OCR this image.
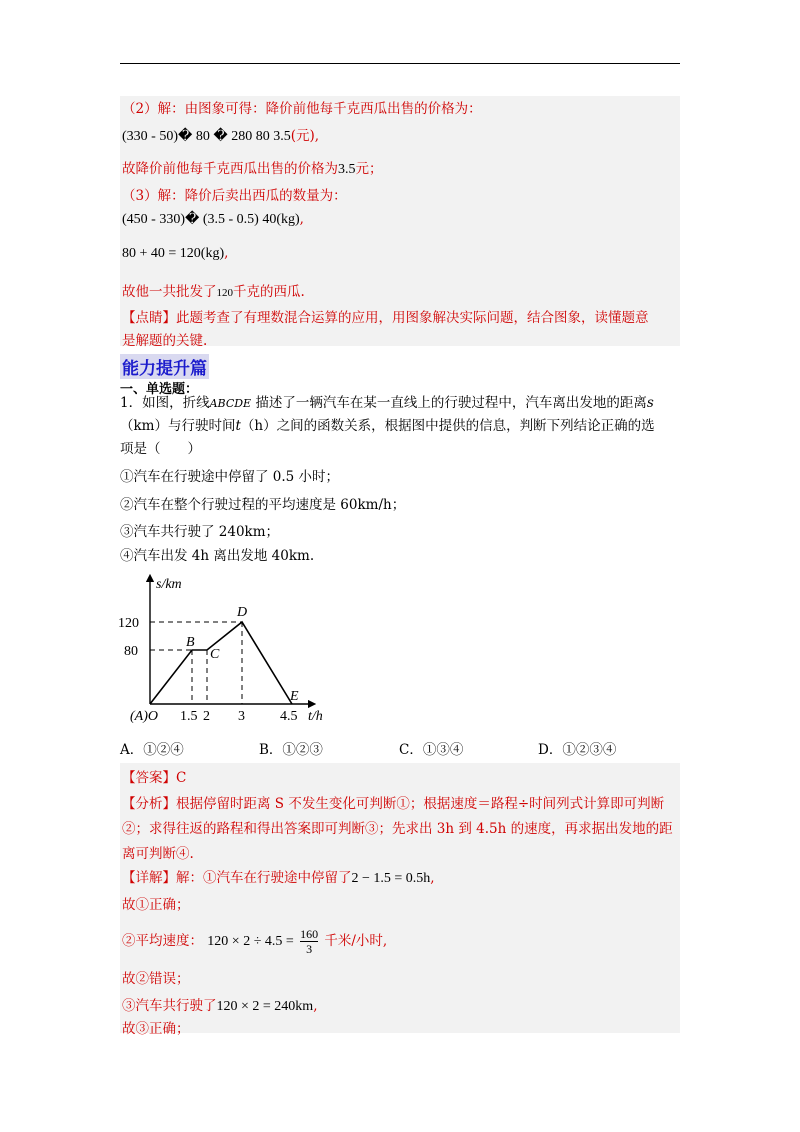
（2）解：由图象可得：降价前他每千克西瓜出售的价格为：
(330 - 50)� 80 � 280 80 3.5(元),
故降价前他每千克西瓜出售的价格为3.5元；
（3）解：降价后卖出西瓜的数量为：
(450 - 330)� (3.5 - 0.5) 40(kg),
80 + 40 = 120(kg),
故他一共批发了120千克的西瓜.
【点睛】此题考查了有理数混合运算的应用，用图象解决实际问题，结合图象，读懂题意
是解题的关键.
能力提升篇
一、单选题：
1．如图，折线ABCDE 描述了一辆汽车在某一直线上的行驶过程中，汽车离出发地的距离s
（km）与行驶时间t（h）之间的函数关系，根据图中提供的信息，判断下列结论正确的选
项是（　　）
①汽车在行驶途中停留了 0.5 小时；
②汽车在整个行驶过程的平均速度是 60km/h；
③汽车共行驶了 240km；
④汽车出发 4h 离出发地 40km.
s/km
t/h
120
80
1.5 2 3	4.5
(A)O
B
C
D
E
A．①②④	B．①②③	C．①③④	D．①②③④
【答案】C
【分析】根据停留时距离 S 不发生变化可判断①；根据速度＝路程÷时间列式计算即可判断
②；求得往返的路程和得出答案即可判断③；先求出 3h 到 4.5h 的速度，再求据出发地的距
离可判断④.
【详解】解：①汽车在行驶途中停留了2 − 1.5 = 0.5h,
故①正确；
②平均速度： $120 \times 2 \div 4.5 = \frac{160}{3}$ 千米/小时,
故②错误；
③汽车共行驶了120 × 2 = 240km,
故③正确；
